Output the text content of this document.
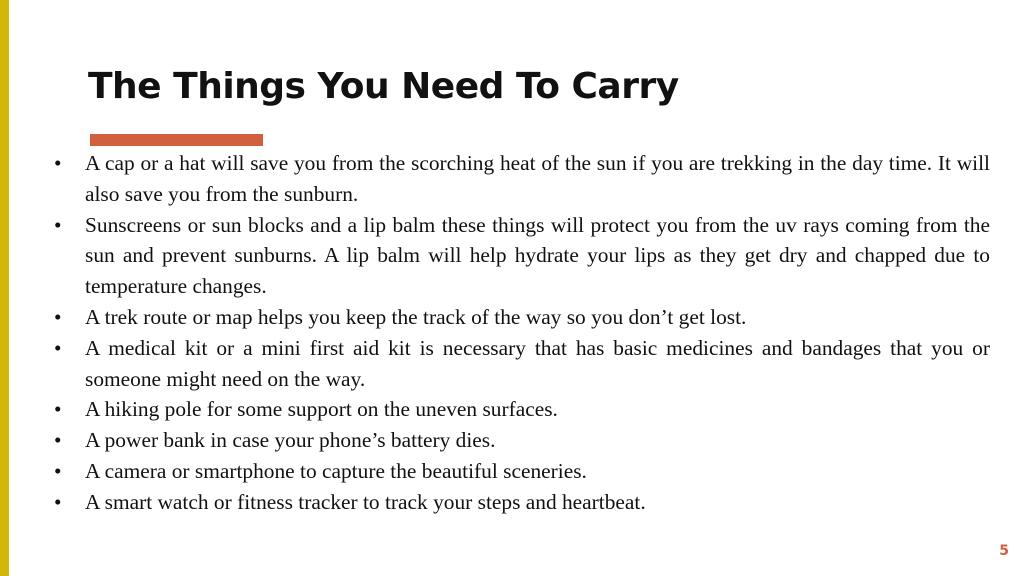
The Things You Need To Carry
• A cap or a hat will save you from the scorching heat of the sun if you are trekking in the day time. It will also save you from the sunburn.
• Sunscreens or sun blocks and a lip balm these things will protect you from the uv rays coming from the sun and prevent sunburns. A lip balm will help hydrate your lips as they get dry and chapped due to temperature changes.
• A trek route or map helps you keep the track of the way so you don’t get lost.
• A medical kit or a mini first aid kit is necessary that has basic medicines and bandages that you or someone might need on the way.
• A hiking pole for some support on the uneven surfaces.
• A power bank in case your phone’s battery dies.
• A camera or smartphone to capture the beautiful sceneries.
• A smart watch or fitness tracker to track your steps and heartbeat.
5
